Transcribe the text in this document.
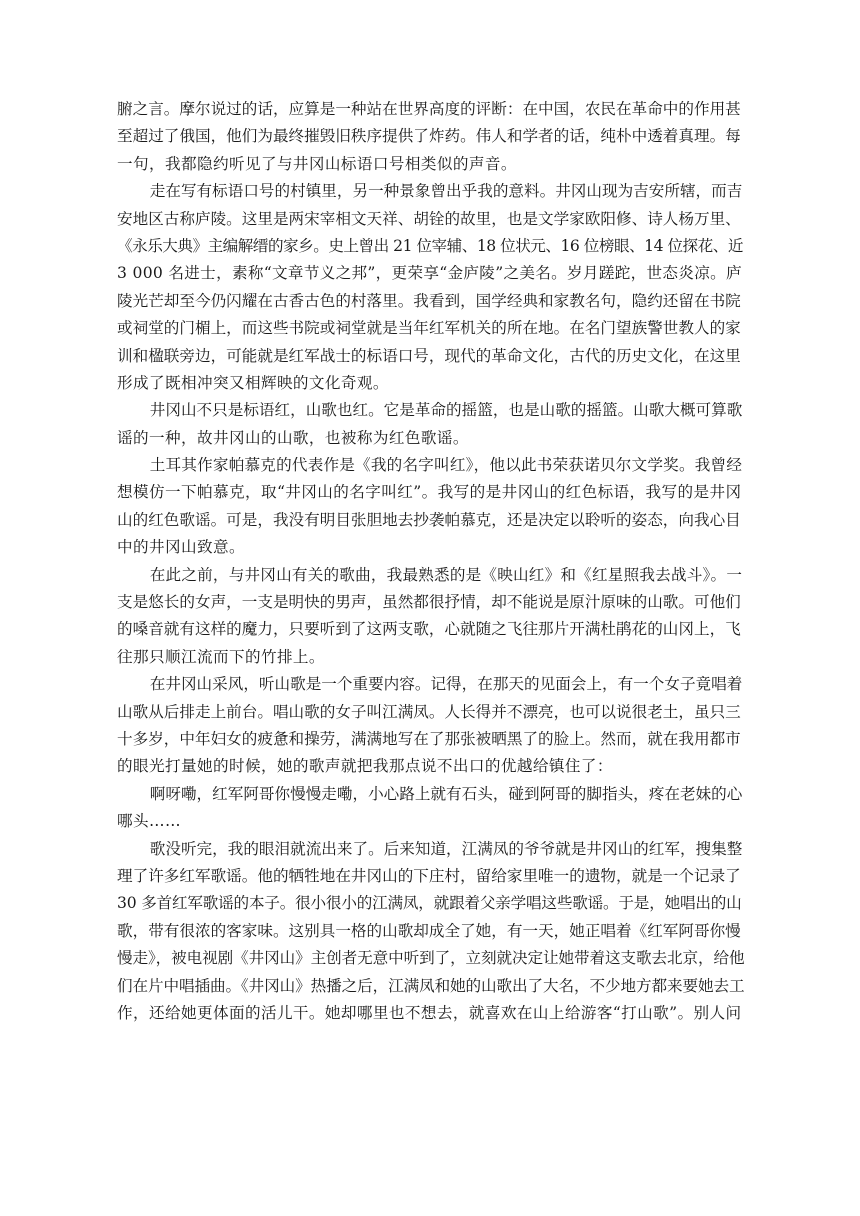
腑之言。摩尔说过的话，应算是一种站在世界高度的评断：在中国，农民在革命中的作用甚
至超过了俄国，他们为最终摧毁旧秩序提供了炸药。伟人和学者的话，纯朴中透着真理。每
一句，我都隐约听见了与井冈山标语口号相类似的声音。
走在写有标语口号的村镇里，另一种景象曾出乎我的意料。井冈山现为吉安所辖，而吉
安地区古称庐陵。这里是两宋宰相文天祥、胡铨的故里，也是文学家欧阳修、诗人杨万里、
《永乐大典》主编解缙的家乡。史上曾出 21 位宰辅、18 位状元、16 位榜眼、14 位探花、近
3 000 名进士，素称“文章节义之邦”，更荣享“金庐陵”之美名。岁月蹉跎，世态炎凉。庐
陵光芒却至今仍闪耀在古香古色的村落里。我看到，国学经典和家教名句，隐约还留在书院
或祠堂的门楣上，而这些书院或祠堂就是当年红军机关的所在地。在名门望族警世教人的家
训和楹联旁边，可能就是红军战士的标语口号，现代的革命文化，古代的历史文化，在这里
形成了既相冲突又相辉映的文化奇观。
井冈山不只是标语红，山歌也红。它是革命的摇篮，也是山歌的摇篮。山歌大概可算歌
谣的一种，故井冈山的山歌，也被称为红色歌谣。
土耳其作家帕慕克的代表作是《我的名字叫红》，他以此书荣获诺贝尔文学奖。我曾经
想模仿一下帕慕克，取“井冈山的名字叫红”。我写的是井冈山的红色标语，我写的是井冈
山的红色歌谣。可是，我没有明目张胆地去抄袭帕慕克，还是决定以聆听的姿态，向我心目
中的井冈山致意。
在此之前，与井冈山有关的歌曲，我最熟悉的是《映山红》和《红星照我去战斗》。一
支是悠长的女声，一支是明快的男声，虽然都很抒情，却不能说是原汁原味的山歌。可他们
的嗓音就有这样的魔力，只要听到了这两支歌，心就随之飞往那片开满杜鹃花的山冈上，飞
往那只顺江流而下的竹排上。
在井冈山采风，听山歌是一个重要内容。记得，在那天的见面会上，有一个女子竟唱着
山歌从后排走上前台。唱山歌的女子叫江满凤。人长得并不漂亮，也可以说很老土，虽只三
十多岁，中年妇女的疲惫和操劳，满满地写在了那张被晒黑了的脸上。然而，就在我用都市
的眼光打量她的时候，她的歌声就把我那点说不出口的优越给镇住了：
啊呀嘞，红军阿哥你慢慢走嘞，小心路上就有石头，碰到阿哥的脚指头，疼在老妹的心
哪头……
歌没听完，我的眼泪就流出来了。后来知道，江满凤的爷爷就是井冈山的红军，搜集整
理了许多红军歌谣。他的牺牲地在井冈山的下庄村，留给家里唯一的遗物，就是一个记录了
30 多首红军歌谣的本子。很小很小的江满凤，就跟着父亲学唱这些歌谣。于是，她唱出的山
歌，带有很浓的客家味。这别具一格的山歌却成全了她，有一天，她正唱着《红军阿哥你慢
慢走》，被电视剧《井冈山》主创者无意中听到了，立刻就决定让她带着这支歌去北京，给他
们在片中唱插曲。《井冈山》热播之后，江满凤和她的山歌出了大名，不少地方都来要她去工
作，还给她更体面的活儿干。她却哪里也不想去，就喜欢在山上给游客“打山歌”。别人问
